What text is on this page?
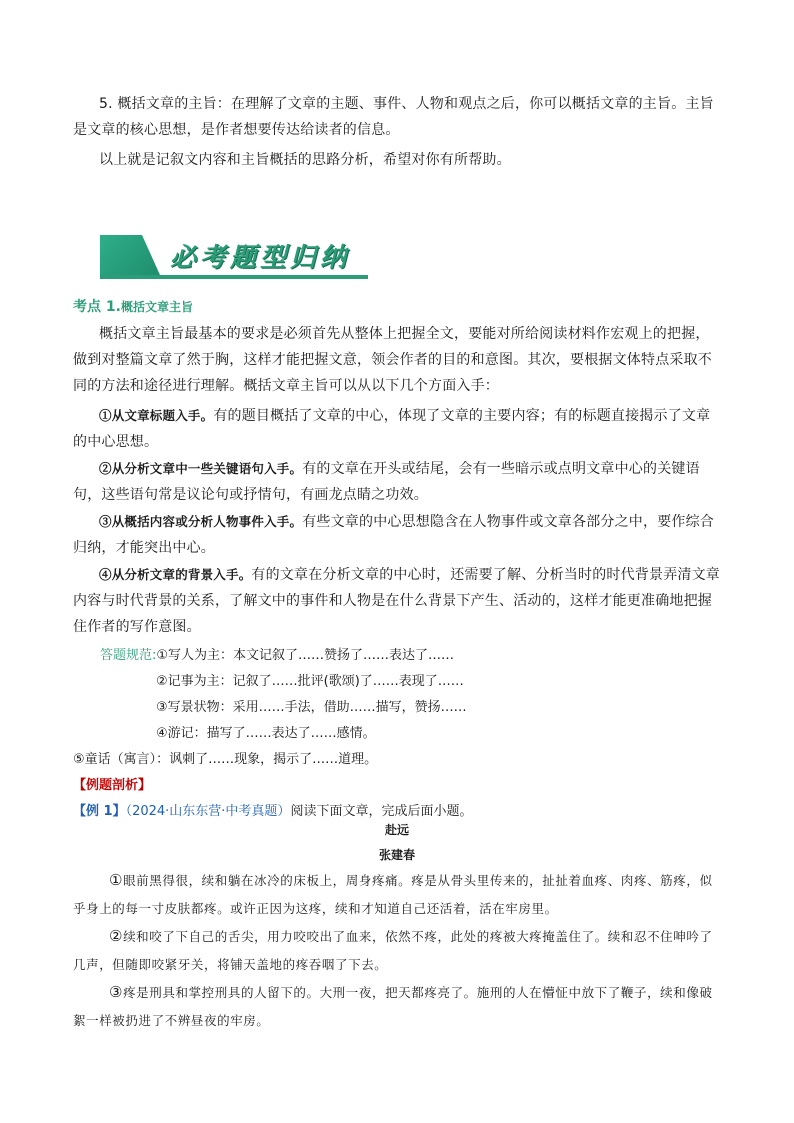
5. 概括文章的主旨：在理解了文章的主题、事件、人物和观点之后，你可以概括文章的主旨。主旨是文章的核心思想，是作者想要传达给读者的信息。

以上就是记叙文内容和主旨概括的思路分析，希望对你有所帮助。

必考题型归纳
考点 1.概括文章主旨

概括文章主旨最基本的要求是必须首先从整体上把握全文，要能对所给阅读材料作宏观上的把握，做到对整篇文章了然于胸，这样才能把握文意，领会作者的目的和意图。其次，要根据文体特点采取不同的方法和途径进行理解。概括文章主旨可以从以下几个方面入手：

①从文章标题入手。有的题目概括了文章的中心，体现了文章的主要内容；有的标题直接揭示了文章的中心思想。

②从分析文章中一些关键语句入手。有的文章在开头或结尾，会有一些暗示或点明文章中心的关键语句，这些语句常是议论句或抒情句，有画龙点睛之功效。

③从概括内容或分析人物事件入手。有些文章的中心思想隐含在人物事件或文章各部分之中，要作综合归纳，才能突出中心。

④从分析文章的背景入手。有的文章在分析文章的中心时，还需要了解、分析当时的时代背景弄清文章内容与时代背景的关系，了解文中的事件和人物是在什么背景下产生、活动的，这样才能更准确地把握住作者的写作意图。

答题规范:①写人为主：本文记叙了……赞扬了……表达了……
②记事为主：记叙了……批评(歌颂)了……表现了……
③写景状物：采用……手法，借助……描写，赞扬……
④游记：描写了……表达了……感情。
⑤童话（寓言）：讽刺了……现象，揭示了……道理。
【例题剖析】
【例 1】（2024·山东东营·中考真题）阅读下面文章，完成后面小题。
赴远
张建春

①眼前黑得很，续和躺在冰冷的床板上，周身疼痛。疼是从骨头里传来的，扯扯着血疼、肉疼、筋疼，似乎身上的每一寸皮肤都疼。或许正因为这疼，续和才知道自己还活着，活在牢房里。

②续和咬了下自己的舌尖，用力咬咬出了血来，依然不疼，此处的疼被大疼掩盖住了。续和忍不住呻吟了几声，但随即咬紧牙关，将铺天盖地的疼吞咽了下去。

③疼是刑具和掌控刑具的人留下的。大刑一夜，把天都疼亮了。施刑的人在懵怔中放下了鞭子，续和像破絮一样被扔进了不辨昼夜的牢房。
